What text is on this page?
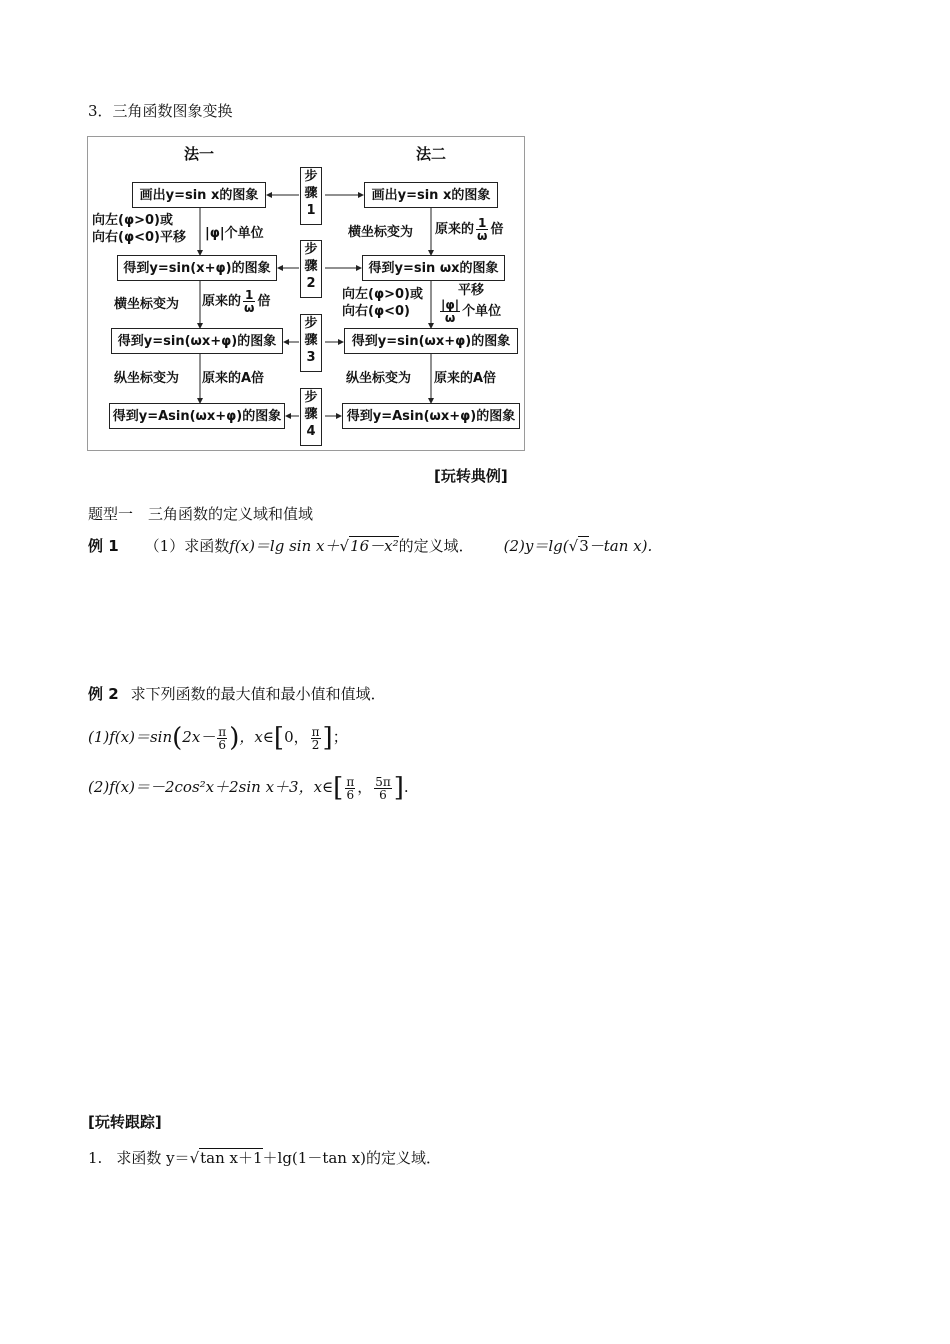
3．三角函数图象变换
法一	法二
步
骤
1
步
骤
2
步
骤
3
步
骤
4
画出y=sin x的图象
得到y=sin(x+φ)的图象
得到y=sin(ωx+φ)的图象
得到y=Asin(ωx+φ)的图象
画出y=sin x的图象
得到y=sin ωx的图象
得到y=sin(ωx+φ)的图象
得到y=Asin(ωx+φ)的图象
向左(φ>0)或
向右(φ<0)平移 |φ|个单位
横坐标变为 原来的 $\frac{1}{\omega}$ 倍
纵坐标变为 原来的A倍
横坐标变为 原来的 $\frac{1}{\omega}$ 倍
向左(φ>0)或
向右(φ<0)
平移
$\frac{|\varphi|}{\omega}$ 个单位
纵坐标变为 原来的A倍
[玩转典例]
题型一　三角函数的定义域和值域
例 1 （1）求函数f(x)＝lg sin x＋√16－x²的定义域． (2)y＝lg(√3－tan x).
例 2 求下列函数的最大值和最小值和值域．
$(1)f(x)=\sin(2x- \frac{\pi}{6}$ )，x∈[0， $\frac{\pi}{2}$ ]；
(2)f(x)＝－2cos²x＋2sin x＋3，x∈[ $\frac{\pi}{6}$ ， $\frac{5\pi}{6}$ ].
[玩转跟踪]
1. 求函数 y＝√tan x＋1＋lg(1－tan x)的定义域．
